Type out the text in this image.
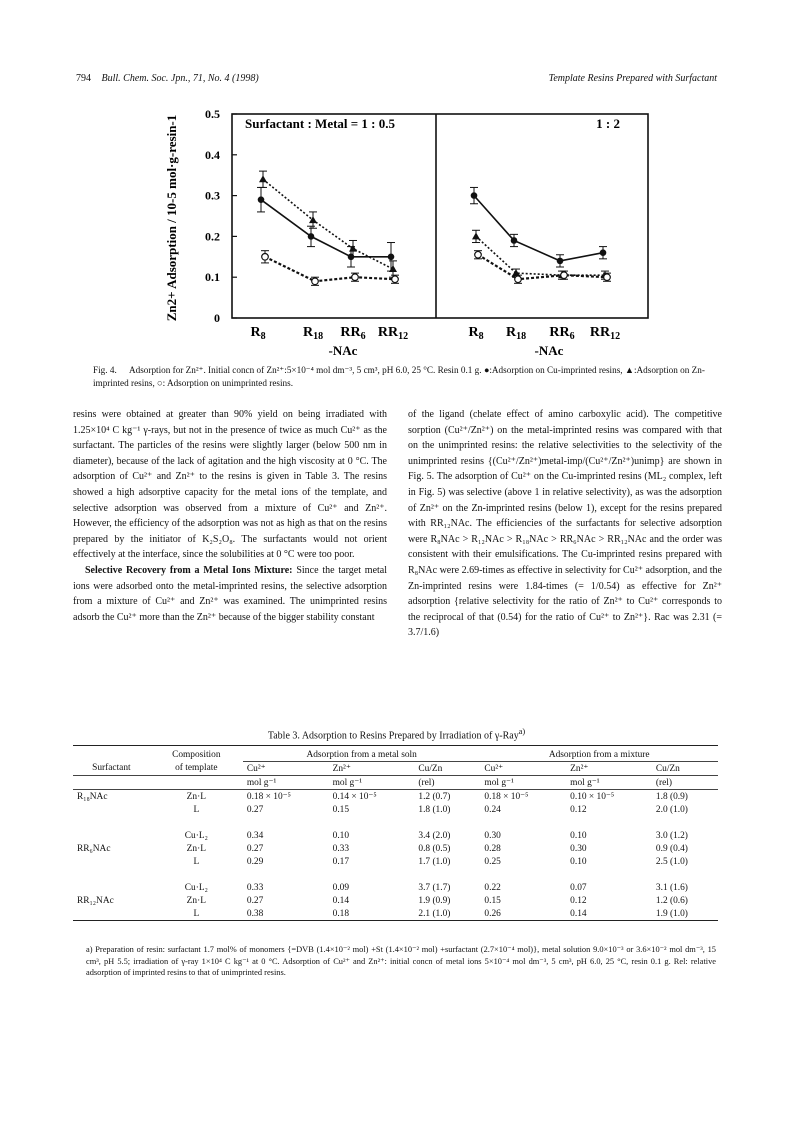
794 Bull. Chem. Soc. Jpn., 71, No. 4 (1998)	Template Resins Prepared with Surfactant
Zn2+ Adsorption / 10-5 mol·g-resin-1	0
0.1
0.2
0.3
0.4
0.5
Surfactant : Metal = 1 : 0.5
$R_8$	$R_{18}$ $RR_6$ $RR_{12}$
-NAc
1 : 2
$R_8$ $R_{18}$ $RR_6$ $RR_{12}$
-NAc
Fig. 4. Adsorption for Zn²⁺. Initial concn of Zn²⁺:5×10⁻⁴ mol dm⁻³, 5 cm³, pH 6.0, 25 °C. Resin 0.1 g. ●:Adsorption on Cu-imprinted resins, ▲:Adsorption on Zn-imprinted resins, ○: Adsorption on unimprinted resins.

resins were obtained at greater than 90% yield on being irradiated with 1.25×10⁴ C kg⁻¹ γ-rays, but not in the presence of twice as much Cu²⁺ as the surfactant. The particles of the resins were slightly larger (below 500 nm in diameter), because of the lack of agitation and the high viscosity at 0 °C. The adsorption of Cu²⁺ and Zn²⁺ to the resins is given in Table 3. The resins showed a high adsorptive capacity for the metal ions of the template, and selective adsorption was observed from a mixture of Cu²⁺ and Zn²⁺. However, the efficiency of the adsorption was not as high as that on the resins prepared by the initiator of K₂S₂O₈. The surfactants would not orient effectively at the interface, since the solubilities at 0 °C were too poor.

Selective Recovery from a Metal Ions Mixture: Since the target metal ions were adsorbed onto the metal-imprinted resins, the selective adsorption from a mixture of Cu²⁺ and Zn²⁺ was examined. The unimprinted resins adsorb the Cu²⁺ more than the Zn²⁺ because of the bigger stability constant

of the ligand (chelate effect of amino carboxylic acid). The competitive sorption (Cu²⁺/Zn²⁺) on the metal-imprinted resins was compared with that on the unimprinted resins: the relative selectivities to the selectivity of the unimprinted resins {(Cu²⁺/Zn²⁺)metal-imp/(Cu²⁺/Zn²⁺)unimp} are shown in Fig. 5. The adsorption of Cu²⁺ on the Cu-imprinted resins (ML₂ complex, left in Fig. 5) was selective (above 1 in relative selectivity), as was the adsorption of Zn²⁺ on the Zn-imprinted resins (below 1), except for the resins prepared with RR₁₂NAc. The efficiencies of the surfactants for selective adsorption were R₈NAc > R₁₂NAc > R₁₈NAc > RR₆NAc > RR₁₂NAc and the order was consistent with their emulsifications. The Cu-imprinted resins prepared with R₈NAc were 2.69-times as effective in selectivity for Cu²⁺ adsorption, and the Zn-imprinted resins were 1.84-times (= 1/0.54) as effective for Zn²⁺ adsorption {relative selectivity for the ratio of Zn²⁺ to Cu²⁺ corresponds to the reciprocal of that (0.54) for the ratio of Cu²⁺ to Zn²⁺}. Rac was 2.31 (= 3.7/1.6)

Table 3. Adsorption to Resins Prepared by Irradiation of γ-Ray$^{a)}$
	Composition	Adsorption from a metal soln			Adsorption from a mixture		
Surfactant	of template	Cu²⁺	Zn²⁺	Cu/Zn	Cu²⁺	Zn²⁺	Cu/Zn
		mol g⁻¹	mol g⁻¹	(rel)	mol g⁻¹	mol g⁻¹	(rel)
R₁₈NAc	Zn·L	0.18 × 10⁻⁵	0.14 × 10⁻⁵	1.2 (0.7)	0.18 × 10⁻⁵	0.10 × 10⁻⁵	1.8 (0.9)
	L	0.27	0.15	1.8 (1.0)	0.24	0.12	2.0 (1.0)

	Cu·L₂	0.34	0.10	3.4 (2.0)	0.30	0.10	3.0 (1.2)
RR₆NAc	Zn·L	0.27	0.33	0.8 (0.5)	0.28	0.30	0.9 (0.4)
	L	0.29	0.17	1.7 (1.0)	0.25	0.10	2.5 (1.0)

	Cu·L₂	0.33	0.09	3.7 (1.7)	0.22	0.07	3.1 (1.6)
RR₁₂NAc	Zn·L	0.27	0.14	1.9 (0.9)	0.15	0.12	1.2 (0.6)
	L	0.38	0.18	2.1 (1.0)	0.26	0.14	1.9 (1.0)
a) Preparation of resin: surfactant 1.7 mol% of monomers {=DVB (1.4×10⁻² mol) +St (1.4×10⁻² mol) +surfactant (2.7×10⁻⁴ mol)}, metal solution 9.0×10⁻³ or 3.6×10⁻² mol dm⁻³, 15 cm³, pH 5.5; irradiation of γ-ray 1×10⁴ C kg⁻¹ at 0 °C. Adsorption of Cu²⁺ and Zn²⁺: initial concn of metal ions 5×10⁻⁴ mol dm⁻³, 5 cm³, pH 6.0, 25 °C, resin 0.1 g. Rel: relative adsorption of imprinted resins to that of unimprinted resins.
